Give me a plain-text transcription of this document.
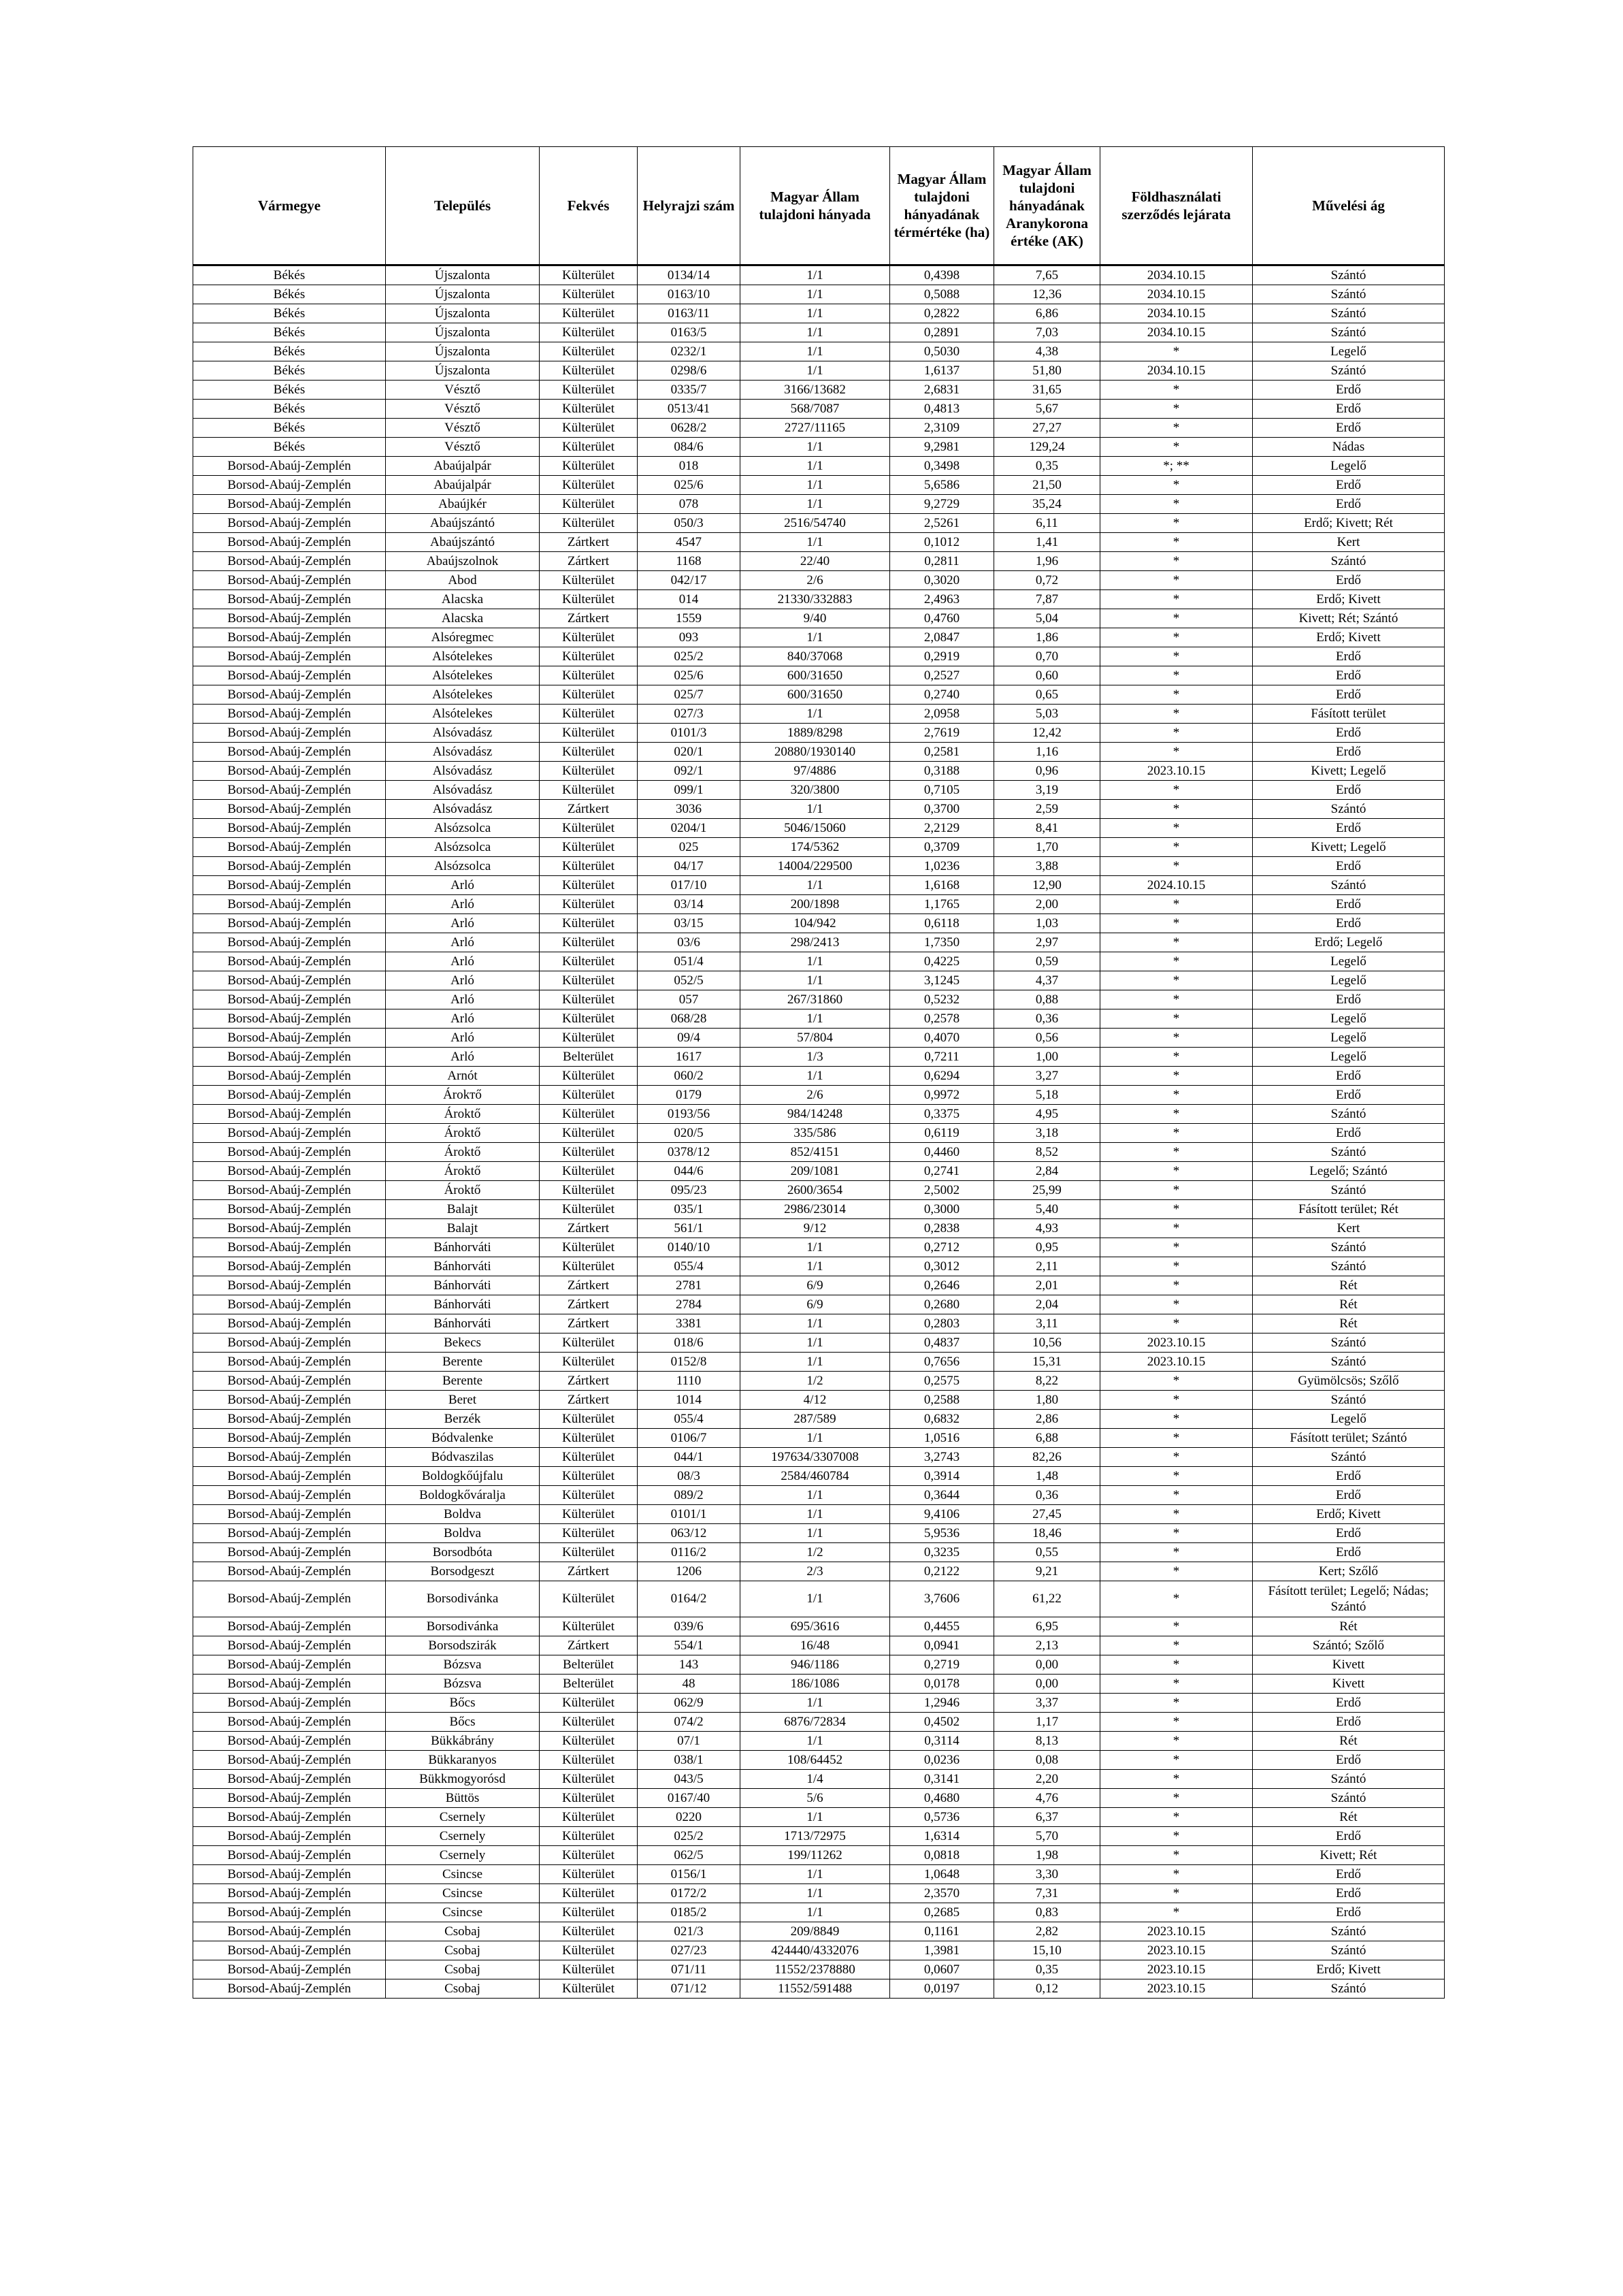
Vármegye	Település	Fekvés	Helyrajzi szám	Magyar Állam tulajdoni hányada	Magyar Állam tulajdoni hányadának térmértéke (ha)	Magyar Állam tulajdoni hányadának Aranykorona értéke (AK)	Földhasználati szerződés lejárata	Művelési ág
Békés	Újszalonta	Külterület	0134/14	1/1	0,4398	7,65	2034.10.15	Szántó
Békés	Újszalonta	Külterület	0163/10	1/1	0,5088	12,36	2034.10.15	Szántó
Békés	Újszalonta	Külterület	0163/11	1/1	0,2822	6,86	2034.10.15	Szántó
Békés	Újszalonta	Külterület	0163/5	1/1	0,2891	7,03	2034.10.15	Szántó
Békés	Újszalonta	Külterület	0232/1	1/1	0,5030	4,38	*	Legelő
Békés	Újszalonta	Külterület	0298/6	1/1	1,6137	51,80	2034.10.15	Szántó
Békés	Vésztő	Külterület	0335/7	3166/13682	2,6831	31,65	*	Erdő
Békés	Vésztő	Külterület	0513/41	568/7087	0,4813	5,67	*	Erdő
Békés	Vésztő	Külterület	0628/2	2727/11165	2,3109	27,27	*	Erdő
Békés	Vésztő	Külterület	084/6	1/1	9,2981	129,24	*	Nádas
Borsod-Abaúj-Zemplén	Abaújalpár	Külterület	018	1/1	0,3498	0,35	*; **	Legelő
Borsod-Abaúj-Zemplén	Abaújalpár	Külterület	025/6	1/1	5,6586	21,50	*	Erdő
Borsod-Abaúj-Zemplén	Abaújkér	Külterület	078	1/1	9,2729	35,24	*	Erdő
Borsod-Abaúj-Zemplén	Abaújszántó	Külterület	050/3	2516/54740	2,5261	6,11	*	Erdő; Kivett; Rét
Borsod-Abaúj-Zemplén	Abaújszántó	Zártkert	4547	1/1	0,1012	1,41	*	Kert
Borsod-Abaúj-Zemplén	Abaújszolnok	Zártkert	1168	22/40	0,2811	1,96	*	Szántó
Borsod-Abaúj-Zemplén	Abod	Külterület	042/17	2/6	0,3020	0,72	*	Erdő
Borsod-Abaúj-Zemplén	Alacska	Külterület	014	21330/332883	2,4963	7,87	*	Erdő; Kivett
Borsod-Abaúj-Zemplén	Alacska	Zártkert	1559	9/40	0,4760	5,04	*	Kivett; Rét; Szántó
Borsod-Abaúj-Zemplén	Alsóregmec	Külterület	093	1/1	2,0847	1,86	*	Erdő; Kivett
Borsod-Abaúj-Zemplén	Alsótelekes	Külterület	025/2	840/37068	0,2919	0,70	*	Erdő
Borsod-Abaúj-Zemplén	Alsótelekes	Külterület	025/6	600/31650	0,2527	0,60	*	Erdő
Borsod-Abaúj-Zemplén	Alsótelekes	Külterület	025/7	600/31650	0,2740	0,65	*	Erdő
Borsod-Abaúj-Zemplén	Alsótelekes	Külterület	027/3	1/1	2,0958	5,03	*	Fásított terület
Borsod-Abaúj-Zemplén	Alsóvadász	Külterület	0101/3	1889/8298	2,7619	12,42	*	Erdő
Borsod-Abaúj-Zemplén	Alsóvadász	Külterület	020/1	20880/1930140	0,2581	1,16	*	Erdő
Borsod-Abaúj-Zemplén	Alsóvadász	Külterület	092/1	97/4886	0,3188	0,96	2023.10.15	Kivett; Legelő
Borsod-Abaúj-Zemplén	Alsóvadász	Külterület	099/1	320/3800	0,7105	3,19	*	Erdő
Borsod-Abaúj-Zemplén	Alsóvadász	Zártkert	3036	1/1	0,3700	2,59	*	Szántó
Borsod-Abaúj-Zemplén	Alsózsolca	Külterület	0204/1	5046/15060	2,2129	8,41	*	Erdő
Borsod-Abaúj-Zemplén	Alsózsolca	Külterület	025	174/5362	0,3709	1,70	*	Kivett; Legelő
Borsod-Abaúj-Zemplén	Alsózsolca	Külterület	04/17	14004/229500	1,0236	3,88	*	Erdő
Borsod-Abaúj-Zemplén	Arló	Külterület	017/10	1/1	1,6168	12,90	2024.10.15	Szántó
Borsod-Abaúj-Zemplén	Arló	Külterület	03/14	200/1898	1,1765	2,00	*	Erdő
Borsod-Abaúj-Zemplén	Arló	Külterület	03/15	104/942	0,6118	1,03	*	Erdő
Borsod-Abaúj-Zemplén	Arló	Külterület	03/6	298/2413	1,7350	2,97	*	Erdő; Legelő
Borsod-Abaúj-Zemplén	Arló	Külterület	051/4	1/1	0,4225	0,59	*	Legelő
Borsod-Abaúj-Zemplén	Arló	Külterület	052/5	1/1	3,1245	4,37	*	Legelő
Borsod-Abaúj-Zemplén	Arló	Külterület	057	267/31860	0,5232	0,88	*	Erdő
Borsod-Abaúj-Zemplén	Arló	Külterület	068/28	1/1	0,2578	0,36	*	Legelő
Borsod-Abaúj-Zemplén	Arló	Külterület	09/4	57/804	0,4070	0,56	*	Legelő
Borsod-Abaúj-Zemplén	Arló	Belterület	1617	1/3	0,7211	1,00	*	Legelő
Borsod-Abaúj-Zemplén	Arnót	Külterület	060/2	1/1	0,6294	3,27	*	Erdő
Borsod-Abaúj-Zemplén	Árokтő	Külterület	0179	2/6	0,9972	5,18	*	Erdő
Borsod-Abaúj-Zemplén	Ároktő	Külterület	0193/56	984/14248	0,3375	4,95	*	Szántó
Borsod-Abaúj-Zemplén	Ároktő	Külterület	020/5	335/586	0,6119	3,18	*	Erdő
Borsod-Abaúj-Zemplén	Ároktő	Külterület	0378/12	852/4151	0,4460	8,52	*	Szántó
Borsod-Abaúj-Zemplén	Ároktő	Külterület	044/6	209/1081	0,2741	2,84	*	Legelő; Szántó
Borsod-Abaúj-Zemplén	Ároktő	Külterület	095/23	2600/3654	2,5002	25,99	*	Szántó
Borsod-Abaúj-Zemplén	Balajt	Külterület	035/1	2986/23014	0,3000	5,40	*	Fásított terület; Rét
Borsod-Abaúj-Zemplén	Balajt	Zártkert	561/1	9/12	0,2838	4,93	*	Kert
Borsod-Abaúj-Zemplén	Bánhorváti	Külterület	0140/10	1/1	0,2712	0,95	*	Szántó
Borsod-Abaúj-Zemplén	Bánhorváti	Külterület	055/4	1/1	0,3012	2,11	*	Szántó
Borsod-Abaúj-Zemplén	Bánhorváti	Zártkert	2781	6/9	0,2646	2,01	*	Rét
Borsod-Abaúj-Zemplén	Bánhorváti	Zártkert	2784	6/9	0,2680	2,04	*	Rét
Borsod-Abaúj-Zemplén	Bánhorváti	Zártkert	3381	1/1	0,2803	3,11	*	Rét
Borsod-Abaúj-Zemplén	Bekecs	Külterület	018/6	1/1	0,4837	10,56	2023.10.15	Szántó
Borsod-Abaúj-Zemplén	Berente	Külterület	0152/8	1/1	0,7656	15,31	2023.10.15	Szántó
Borsod-Abaúj-Zemplén	Berente	Zártkert	1110	1/2	0,2575	8,22	*	Gyümölcsös; Szőlő
Borsod-Abaúj-Zemplén	Beret	Zártkert	1014	4/12	0,2588	1,80	*	Szántó
Borsod-Abaúj-Zemplén	Berzék	Külterület	055/4	287/589	0,6832	2,86	*	Legelő
Borsod-Abaúj-Zemplén	Bódvalenke	Külterület	0106/7	1/1	1,0516	6,88	*	Fásított terület; Szántó
Borsod-Abaúj-Zemplén	Bódvaszilas	Külterület	044/1	197634/3307008	3,2743	82,26	*	Szántó
Borsod-Abaúj-Zemplén	Boldogkőújfalu	Külterület	08/3	2584/460784	0,3914	1,48	*	Erdő
Borsod-Abaúj-Zemplén	Boldogkőváralja	Külterület	089/2	1/1	0,3644	0,36	*	Erdő
Borsod-Abaúj-Zemplén	Boldva	Külterület	0101/1	1/1	9,4106	27,45	*	Erdő; Kivett
Borsod-Abaúj-Zemplén	Boldva	Külterület	063/12	1/1	5,9536	18,46	*	Erdő
Borsod-Abaúj-Zemplén	Borsodbóta	Külterület	0116/2	1/2	0,3235	0,55	*	Erdő
Borsod-Abaúj-Zemplén	Borsodgeszt	Zártkert	1206	2/3	0,2122	9,21	*	Kert; Szőlő
Borsod-Abaúj-Zemplén	Borsodivánka	Külterület	0164/2	1/1	3,7606	61,22	*	Fásított terület; Legelő; Nádas; Szántó
Borsod-Abaúj-Zemplén	Borsodivánka	Külterület	039/6	695/3616	0,4455	6,95	*	Rét
Borsod-Abaúj-Zemplén	Borsodszirák	Zártkert	554/1	16/48	0,0941	2,13	*	Szántó; Szőlő
Borsod-Abaúj-Zemplén	Bózsva	Belterület	143	946/1186	0,2719	0,00	*	Kivett
Borsod-Abaúj-Zemplén	Bózsva	Belterület	48	186/1086	0,0178	0,00	*	Kivett
Borsod-Abaúj-Zemplén	Bőcs	Külterület	062/9	1/1	1,2946	3,37	*	Erdő
Borsod-Abaúj-Zemplén	Bőcs	Külterület	074/2	6876/72834	0,4502	1,17	*	Erdő
Borsod-Abaúj-Zemplén	Bükkábrány	Külterület	07/1	1/1	0,3114	8,13	*	Rét
Borsod-Abaúj-Zemplén	Bükkaranyos	Külterület	038/1	108/64452	0,0236	0,08	*	Erdő
Borsod-Abaúj-Zemplén	Bükkmogyorósd	Külterület	043/5	1/4	0,3141	2,20	*	Szántó
Borsod-Abaúj-Zemplén	Büttös	Külterület	0167/40	5/6	0,4680	4,76	*	Szántó
Borsod-Abaúj-Zemplén	Csernely	Külterület	0220	1/1	0,5736	6,37	*	Rét
Borsod-Abaúj-Zemplén	Csernely	Külterület	025/2	1713/72975	1,6314	5,70	*	Erdő
Borsod-Abaúj-Zemplén	Csernely	Külterület	062/5	199/11262	0,0818	1,98	*	Kivett; Rét
Borsod-Abaúj-Zemplén	Csincse	Külterület	0156/1	1/1	1,0648	3,30	*	Erdő
Borsod-Abaúj-Zemplén	Csincse	Külterület	0172/2	1/1	2,3570	7,31	*	Erdő
Borsod-Abaúj-Zemplén	Csincse	Külterület	0185/2	1/1	0,2685	0,83	*	Erdő
Borsod-Abaúj-Zemplén	Csobaj	Külterület	021/3	209/8849	0,1161	2,82	2023.10.15	Szántó
Borsod-Abaúj-Zemplén	Csobaj	Külterület	027/23	424440/4332076	1,3981	15,10	2023.10.15	Szántó
Borsod-Abaúj-Zemplén	Csobaj	Külterület	071/11	11552/2378880	0,0607	0,35	2023.10.15	Erdő; Kivett
Borsod-Abaúj-Zemplén	Csobaj	Külterület	071/12	11552/591488	0,0197	0,12	2023.10.15	Szántó
